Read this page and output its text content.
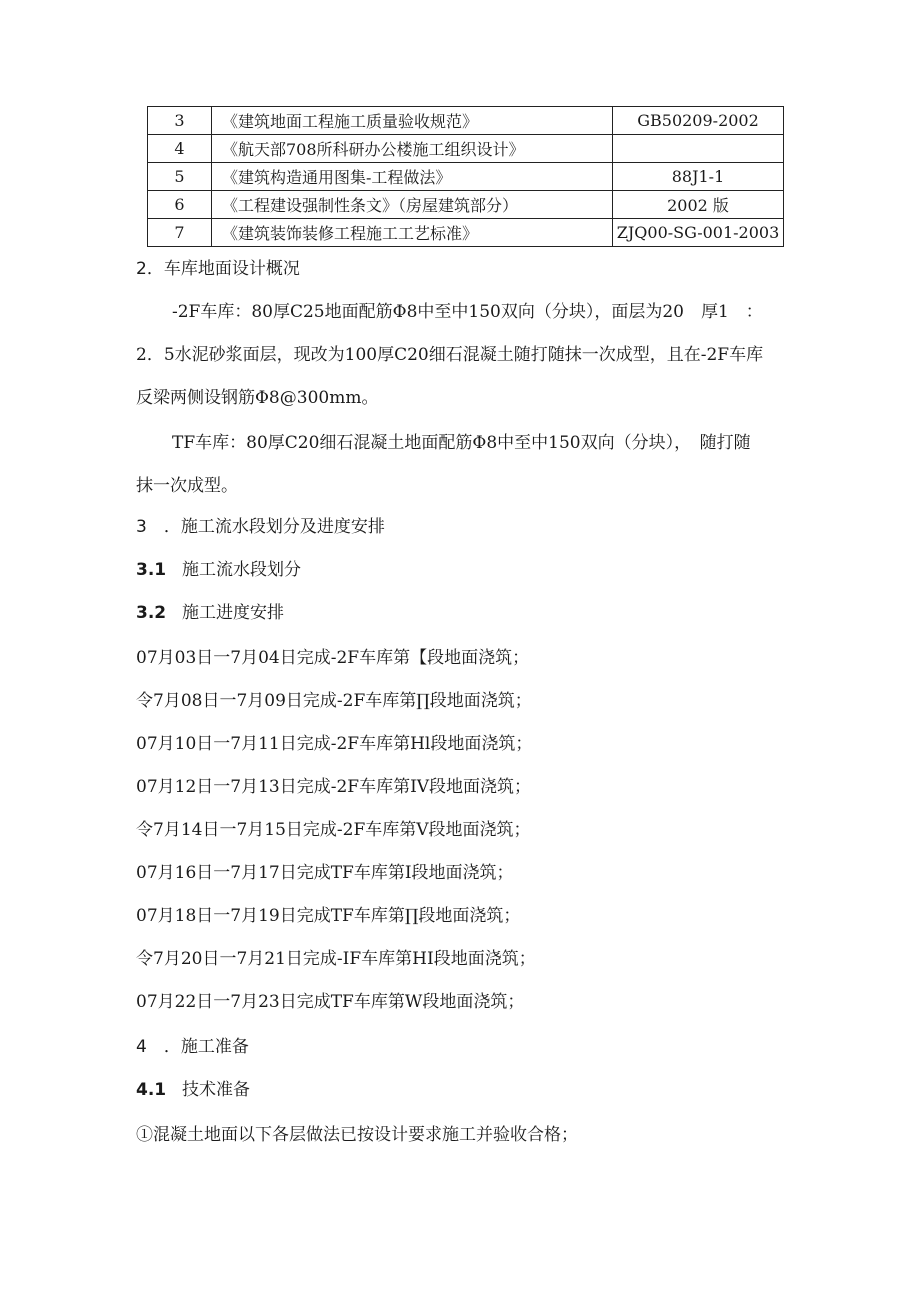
3	《建筑地面工程施工质量验收规范》	GB50209-2002
4	《航天部708所科研办公楼施工组织设计》	
5	《建筑构造通用图集-工程做法》	88J1-1
6	《工程建设强制性条文》（房屋建筑部分）	2002 版
7	《建筑装饰装修工程施工工艺标准》	ZJQ00-SG-001-2003
2．车库地面设计概况
-2F车库：80厚C25地面配筋Φ8中至中150双向（分块），面层为20　厚1　：
2．5水泥砂浆面层，现改为100厚C20细石混凝土随打随抹一次成型，且在-2F车库
反梁两侧设钢筋Φ8@300mm。
TF车库：80厚C20细石混凝土地面配筋Φ8中至中150双向（分块），　随打随
抹一次成型。
3　．施工流水段划分及进度安排
3.1 施工流水段划分
3.2 施工进度安排
07月03日一7月04日完成-2F车库第【段地面浇筑；
令7月08日一7月09日完成-2F车库第∏段地面浇筑；
07月10日一7月11日完成-2F车库第Hl段地面浇筑；
07月12日一7月13日完成-2F车库第IV段地面浇筑；
令7月14日一7月15日完成-2F车库第V段地面浇筑；
07月16日一7月17日完成TF车库第I段地面浇筑；
07月18日一7月19日完成TF车库第∏段地面浇筑；
令7月20日一7月21日完成-IF车库第HI段地面浇筑；
07月22日一7月23日完成TF车库第W段地面浇筑；
4　．施工准备
4.1 技术准备
①混凝土地面以下各层做法已按设计要求施工并验收合格；
